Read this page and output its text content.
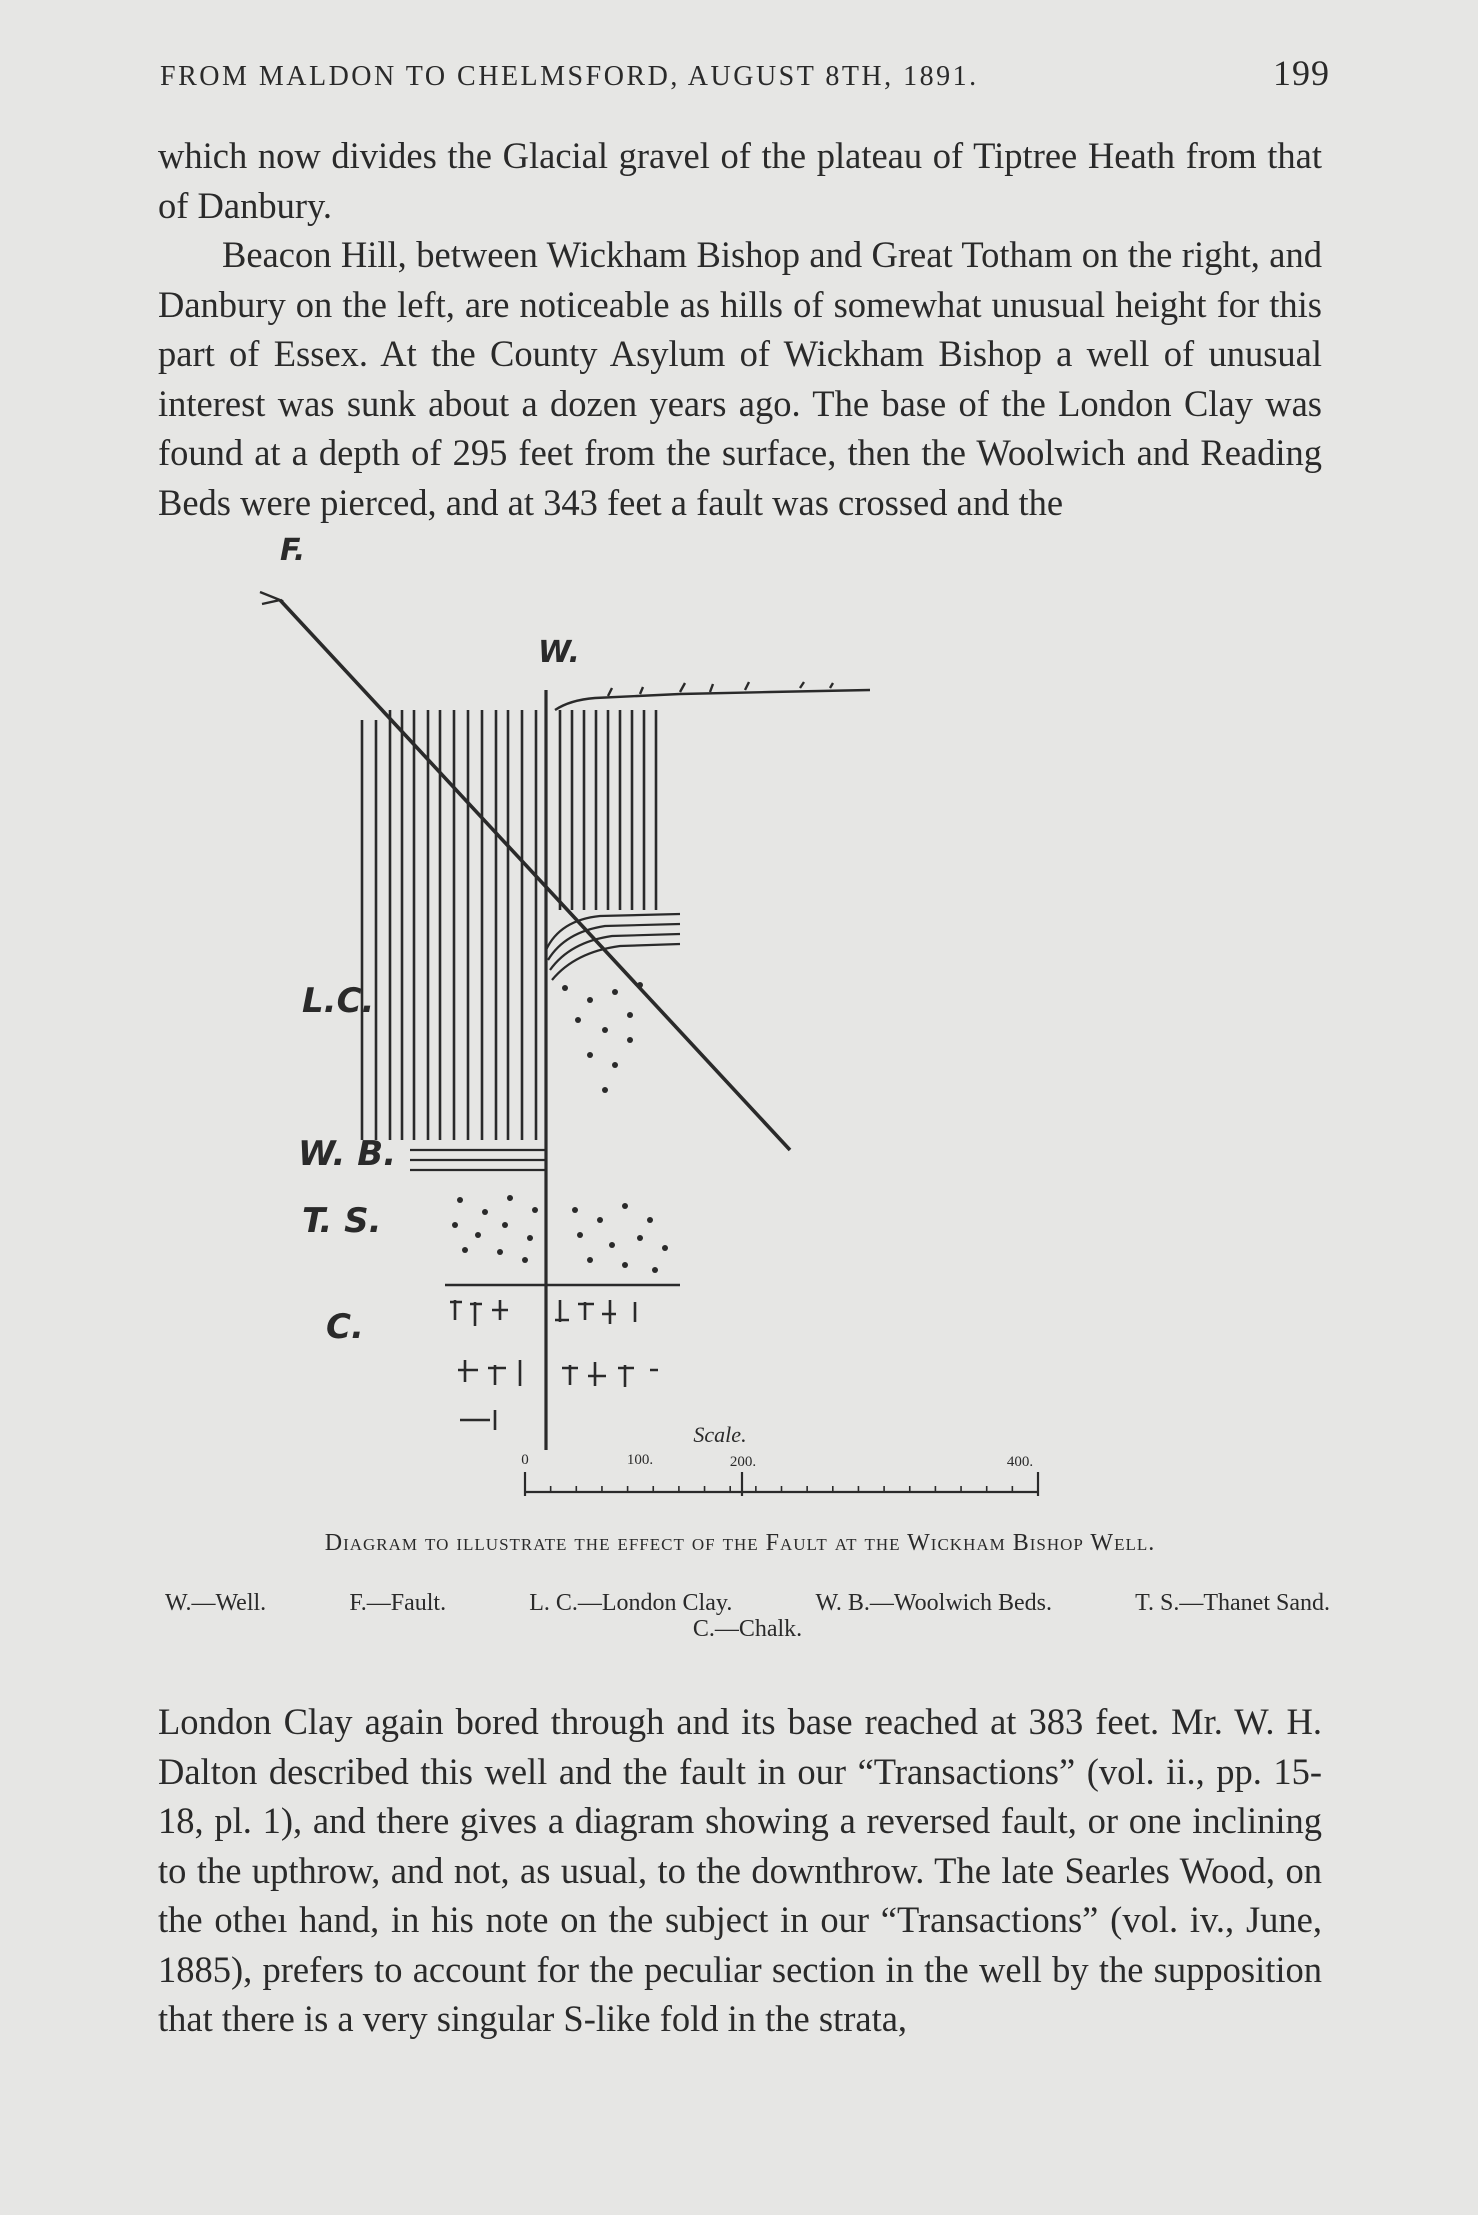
FROM MALDON TO CHELMSFORD, AUGUST 8TH, 1891.	199

which now divides the Glacial gravel of the plateau of Tiptree Heath from that of Danbury.

Beacon Hill, between Wickham Bishop and Great Totham on the right, and Danbury on the left, are noticeable as hills of somewhat unusual height for this part of Essex. At the County Asylum of Wickham Bishop a well of unusual interest was sunk about a dozen years ago. The base of the London Clay was found at a depth of 295 feet from the surface, then the Woolwich and Reading Beds were pierced, and at 343 feet a fault was crossed and the

W.
F.
L.C.
W. B.
T. S.
C.
Scale.
0	100.	200.	400.
Diagram to illustrate the effect of the Fault at the Wickham Bishop Well.
W.—Well.	F.—Fault.	L. C.—London Clay.	W. B.—Woolwich Beds.	T. S.—Thanet Sand.
C.—Chalk.

London Clay again bored through and its base reached at 383 feet. Mr. W. H. Dalton described this well and the fault in our “Transactions” (vol. ii., pp. 15-18, pl. 1), and there gives a diagram showing a reversed fault, or one inclining to the upthrow, and not, as usual, to the downthrow. The late Searles Wood, on the otheı hand, in his note on the subject in our “Transactions” (vol. iv., June, 1885), prefers to account for the peculiar section in the well by the supposition that there is a very singular S-like fold in the strata,
